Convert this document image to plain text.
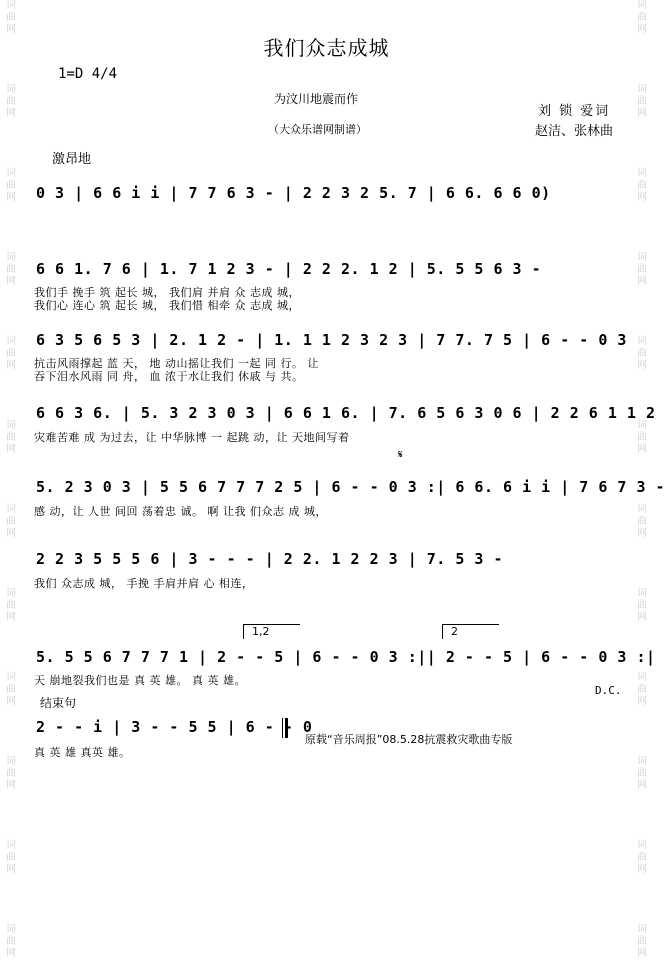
词
曲
网

词
曲
网

词
曲
网

词
曲
网

词
曲
网

词
曲
网

词
曲
网

词
曲
网

词
曲
网

词
曲
网

词
曲
网

词
曲
网
词
曲
网

词
曲
网

词
曲
网

词
曲
网

词
曲
网

词
曲
网

词
曲
网

词
曲
网

词
曲
网

词
曲
网

词
曲
网

词
曲
网
我们众志成城
1=D 4/4
为汶川地震而作
（大众乐谱网制谱）
刘 锁 爱词
赵洁、张林曲
激昂地
0 3 | 6 6 i i | 7 7 6 3 - | 2 2 3 2 5. 7 | 6 6. 6 6 0)
6 6 1. 7 6 | 1. 7 1 2 3 - | 2 2 2. 1 2 | 5. 5 5 6 3 -
我们手 挽手 筑 起长 城， 我们肩 并肩 众 志成 城，
我们心 连心 筑 起长 城， 我们惜 相牵 众 志成 城，
6 3 5 6 5 3 | 2. 1 2 - | 1. 1 1 2 3 2 3 | 7 7. 7 5 | 6 - - 0 3
抗击风雨撑起 蓝 天， 地 动山摇让我们 一起 同 行。 让
吞下泪水风雨 同 舟， 血 浓于水让我们 休戚 与 共。
6 6 3 6. | 5. 3 2 3 0 3 | 6 6 1 6. | 7. 6 5 6 3 0 6 | 2 2 6 1 1 2
灾难苦难 成 为过去，让 中华脉博 一 起跳 动，让 天地间写着
𝄋
5. 2 3 0 3 | 5 5 6 7 7 7 2 5 | 6 - - 0 3 :| 6 6. 6 i i | 7 6 7 3 -
感 动，让 人世 间回 荡着忠 诚。 啊 让我 们众志 成 城，
2 2 3 5 5 5 6 | 3 - - - | 2 2. 1 2 2 3 | 7. 5 3 -
我们 众志成 城， 手挽 手肩并肩 心 相连，
1,2	2
5. 5 5 6 7 7 7 1 | 2 - - 5 | 6 - - 0 3 :|| 2 - - 5 | 6 - - 0 3 :|
天 崩地裂我们也是 真 英 雄。 真 英 雄。
D.C.
结束句
2 - - i | 3 - - 5 5 | 6 - - 0
真 英 雄 真英 雄。
原载“音乐周报”08.5.28抗震救灾歌曲专版
